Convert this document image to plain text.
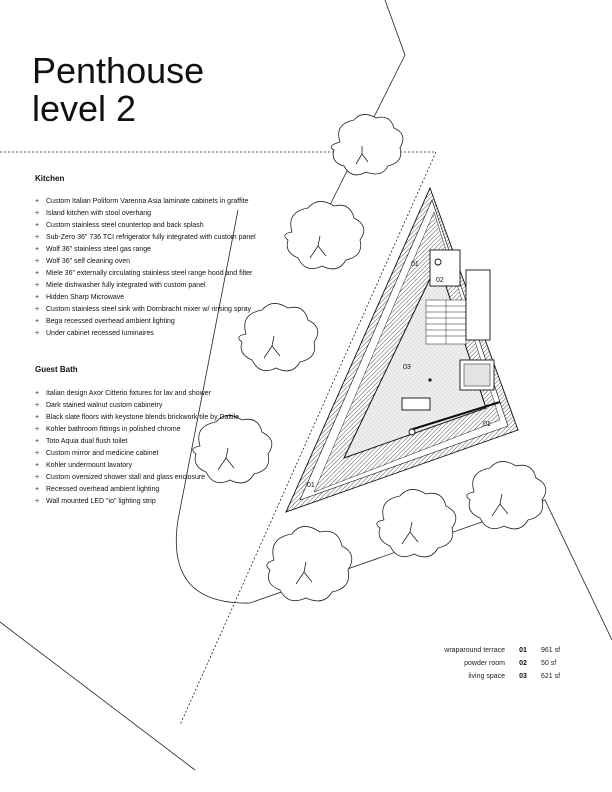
01
02
03
01
01
Penthouse
level 2
Kitchen
+ Custom Italian Poliform Varenna Asia laminate cabinets in graffite
+ Island kitchen with stool overhang
+ Custom stainless steel countertop and back splash
+ Sub-Zero 36" 736 TCI refrigerator fully integrated with custom panel
+ Wolf 36" stainless steel gas range
+ Wolf 36" self cleaning oven
+ Miele 36" externally circulating stainless steel range hood and filter
+ Miele dishwasher fully integrated with custom panel
+ Hidden Sharp Microwave
+ Custom stainless steel sink with Dornbracht mixer w/ rinsing spray
+ Bega recessed overhead ambient lighting
+ Under cabinet recessed luminaires
Guest Bath
+ Italian design Axor Citterio fixtures for lav and shower
+ Dark stained walnut custom cabinetry
+ Black slate floors with keystone blends brickwork tile by Daltile
+ Kohler bathroom fittings in polished chrome
+ Toto Aquia dual flush toilet
+ Custom mirror and medicine cabinet
+ Kohler undermount lavatory
+ Custom oversized shower stall and glass enclosure
+ Recessed overhead ambient lighting
+ Wall mounted LED "io" lighting strip
wraparound terrace	01	961 sf
powder room	02	50 sf
living space	03	621 sf
